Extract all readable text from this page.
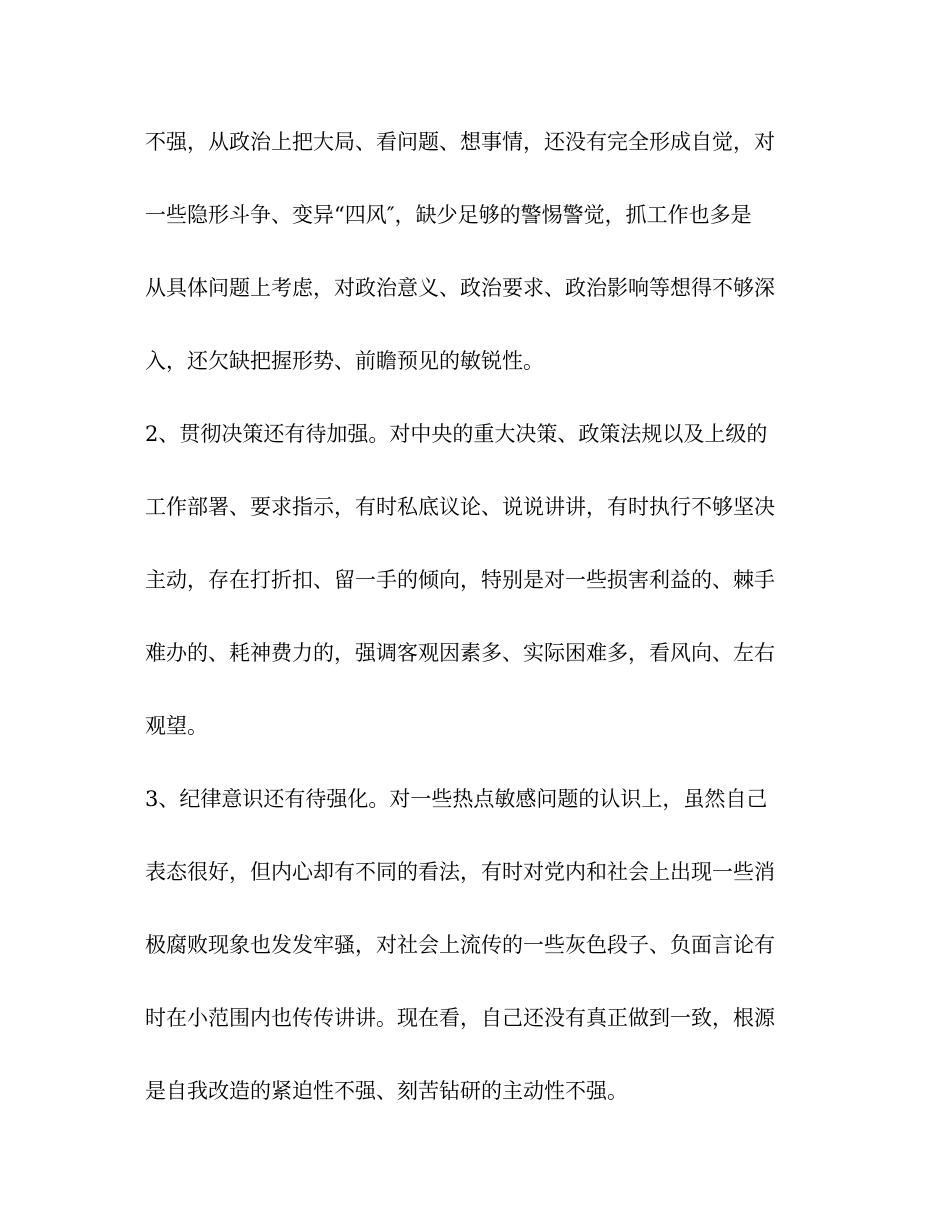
不强，从政治上把大局、看问题、想事情，还没有完全形成自觉，对
一些隐形斗争、变异“四风″，缺少足够的警惕警觉，抓工作也多是
从具体问题上考虑，对政治意义、政治要求、政治影响等想得不够深
入，还欠缺把握形势、前瞻预见的敏锐性。
2、贯彻决策还有待加强。对中央的重大决策、政策法规以及上级的
工作部署、要求指示，有时私底议论、说说讲讲，有时执行不够坚决
主动，存在打折扣、留一手的倾向，特别是对一些损害利益的、棘手
难办的、耗神费力的，强调客观因素多、实际困难多，看风向、左右
观望。
3、纪律意识还有待强化。对一些热点敏感问题的认识上，虽然自己
表态很好，但内心却有不同的看法，有时对党内和社会上出现一些消
极腐败现象也发发牢骚，对社会上流传的一些灰色段子、负面言论有
时在小范围内也传传讲讲。现在看，自己还没有真正做到一致，根源
是自我改造的紧迫性不强、刻苦钻研的主动性不强。
